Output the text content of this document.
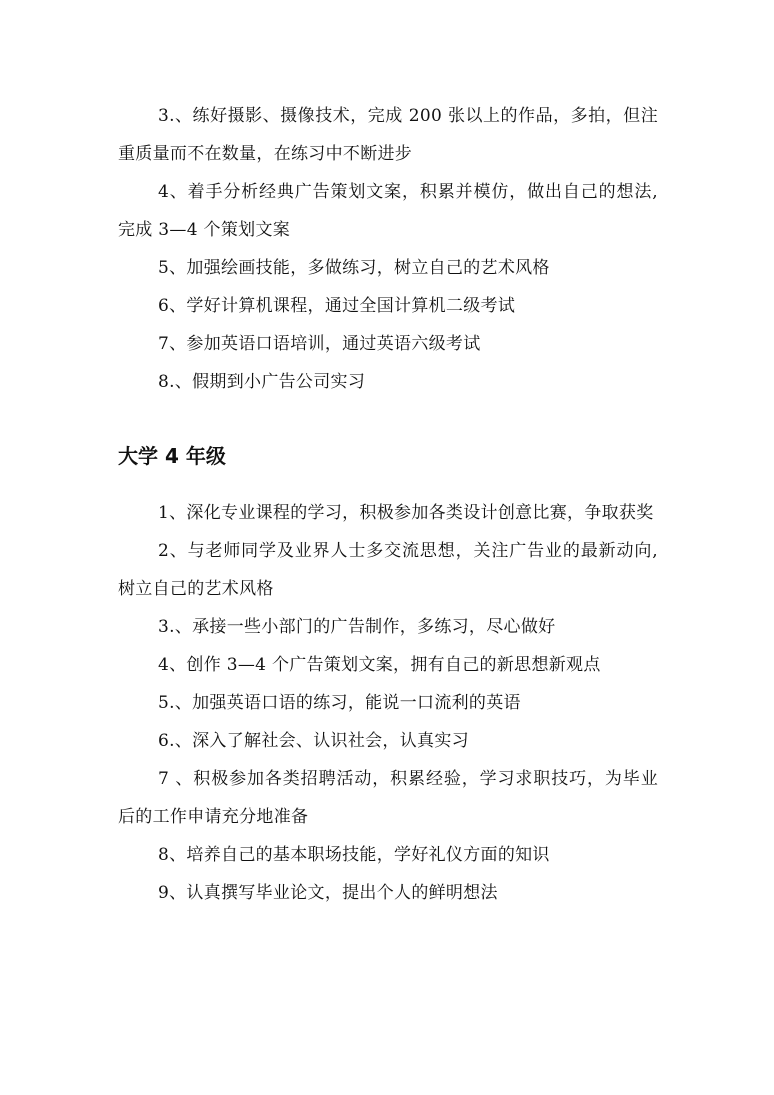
3.、练好摄影、摄像技术，完成 200 张以上的作品，多拍，但注重质量而不在数量，在练习中不断进步

4、着手分析经典广告策划文案，积累并模仿，做出自己的想法,完成 3—4 个策划文案

5、加强绘画技能，多做练习，树立自己的艺术风格

6、学好计算机课程，通过全国计算机二级考试

7、参加英语口语培训，通过英语六级考试

8.、假期到小广告公司实习

大学 4 年级

1、深化专业课程的学习，积极参加各类设计创意比赛，争取获奖

2、与老师同学及业界人士多交流思想，关注广告业的最新动向,树立自己的艺术风格

3.、承接一些小部门的广告制作，多练习，尽心做好

4、创作 3—4 个广告策划文案，拥有自己的新思想新观点

5.、加强英语口语的练习，能说一口流利的英语

6.、深入了解社会、认识社会，认真实习

7 、积极参加各类招聘活动，积累经验，学习求职技巧，为毕业后的工作申请充分地准备

8、培养自己的基本职场技能，学好礼仪方面的知识

9、认真撰写毕业论文，提出个人的鲜明想法
